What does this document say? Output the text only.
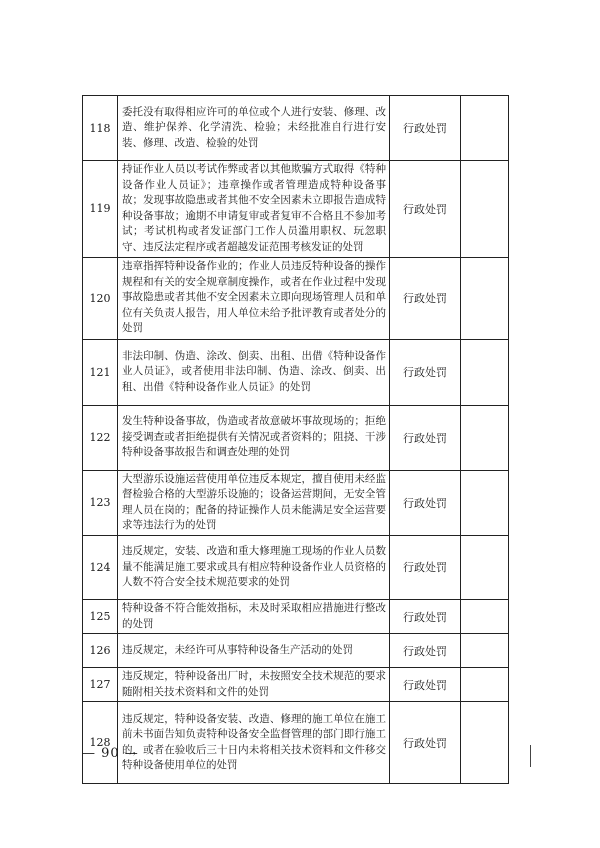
118	委托没有取得相应许可的单位或个人进行安装、修理、改造、维护保养、化学清洗、检验；未经批准自行进行安装、修理、改造、检验的处罚	行政处罚	
119	持证作业人员以考试作弊或者以其他欺骗方式取得《特种设备作业人员证》；违章操作或者管理造成特种设备事故；发现事故隐患或者其他不安全因素未立即报告造成特种设备事故；逾期不申请复审或者复审不合格且不参加考试；考试机构或者发证部门工作人员滥用职权、玩忽职守、违反法定程序或者超越发证范围考核发证的处罚	行政处罚	
120	违章指挥特种设备作业的；作业人员违反特种设备的操作规程和有关的安全规章制度操作，或者在作业过程中发现事故隐患或者其他不安全因素未立即向现场管理人员和单位有关负责人报告，用人单位未给予批评教育或者处分的处罚	行政处罚	
121	非法印制、伪造、涂改、倒卖、出租、出借《特种设备作业人员证》，或者使用非法印制、伪造、涂改、倒卖、出租、出借《特种设备作业人员证》的处罚	行政处罚	
122	发生特种设备事故，伪造或者故意破坏事故现场的；拒绝接受调查或者拒绝提供有关情况或者资料的；阻挠、干涉特种设备事故报告和调查处理的处罚	行政处罚	
123	大型游乐设施运营使用单位违反本规定，擅自使用未经监督检验合格的大型游乐设施的；设备运营期间，无安全管理人员在岗的；配备的持证操作人员未能满足安全运营要求等违法行为的处罚	行政处罚	
124	违反规定，安装、改造和重大修理施工现场的作业人员数量不能满足施工要求或具有相应特种设备作业人员资格的人数不符合安全技术规范要求的处罚	行政处罚	
125	特种设备不符合能效指标，未及时采取相应措施进行整改的处罚	行政处罚	
126	违反规定，未经许可从事特种设备生产活动的处罚	行政处罚	
127	违反规定，特种设备出厂时，未按照安全技术规范的要求随附相关技术资料和文件的处罚	行政处罚	
128	违反规定，特种设备安装、改造、修理的施工单位在施工前未书面告知负责特种设备安全监督管理的部门即行施工的，或者在验收后三十日内未将相关技术资料和文件移交特种设备使用单位的处罚	行政处罚	
— 90 —
